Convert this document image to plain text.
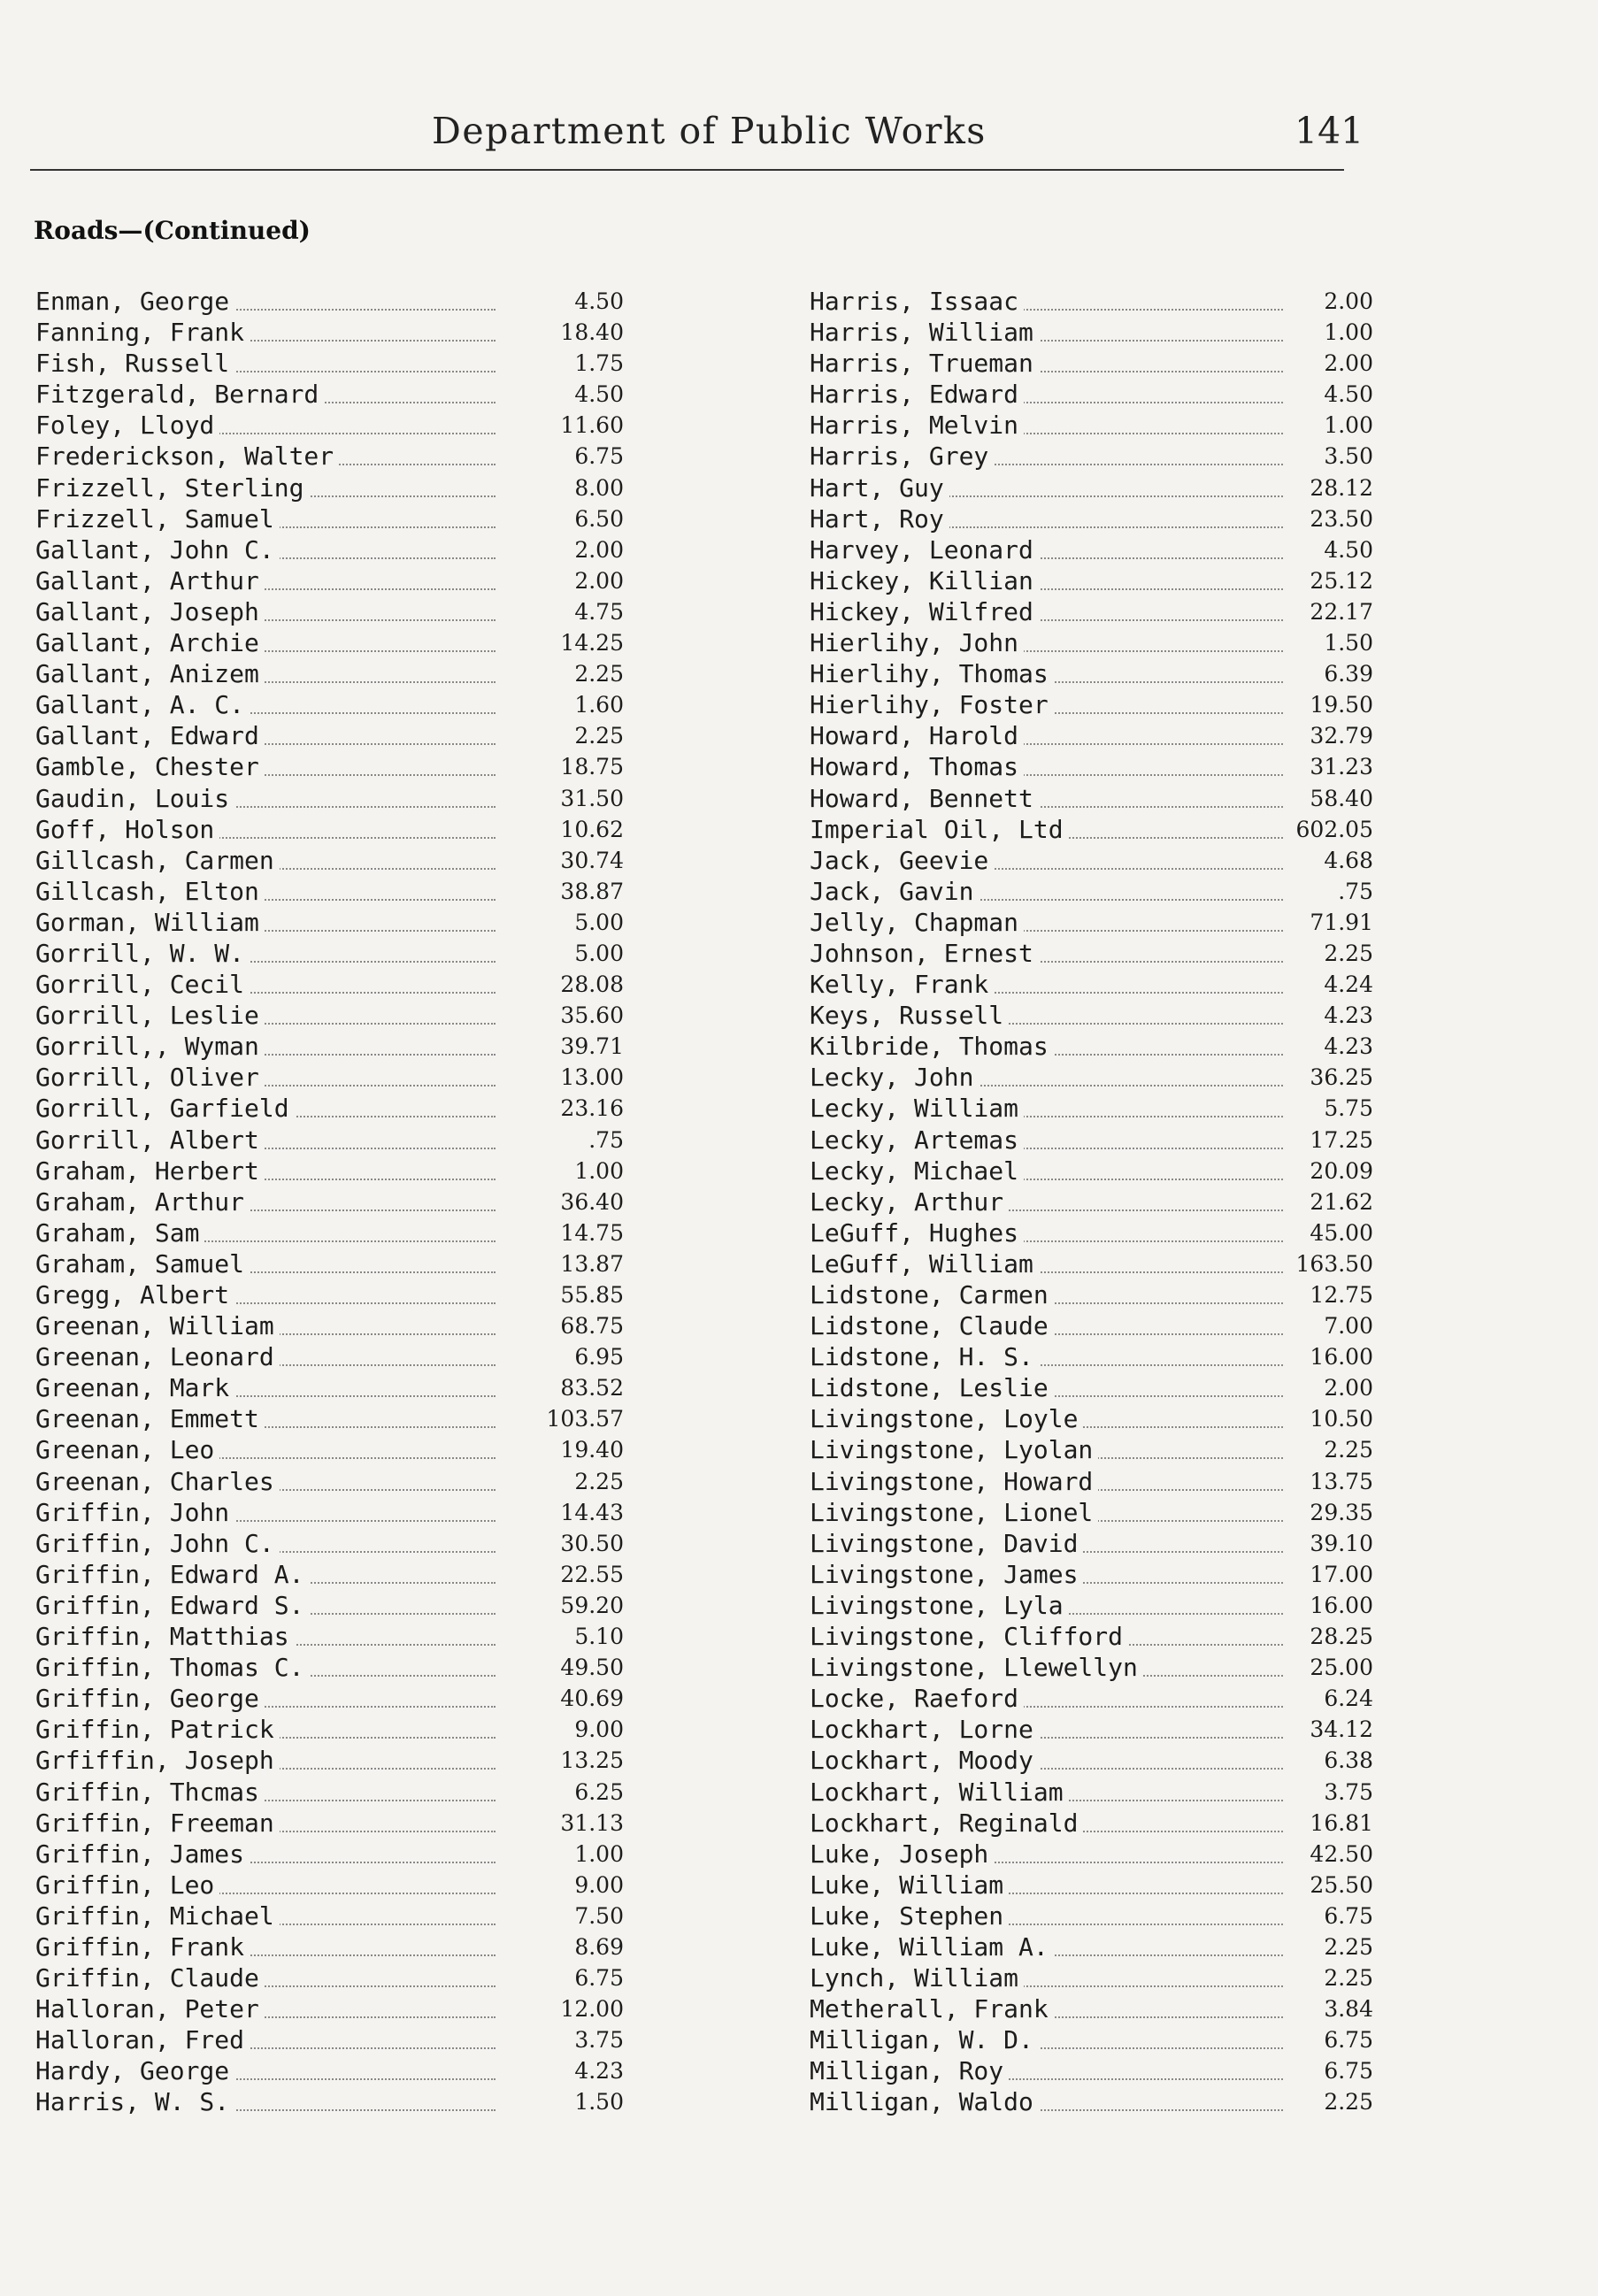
Department of Public Works	141
Roads—(Continued)
Enman, George	4.50
Fanning, Frank	18.40
Fish, Russell	1.75
Fitzgerald, Bernard	4.50
Foley, Lloyd	11.60
Frederickson, Walter	6.75
Frizzell, Sterling	8.00
Frizzell, Samuel	6.50
Gallant, John C.	2.00
Gallant, Arthur	2.00
Gallant, Joseph	4.75
Gallant, Archie	14.25
Gallant, Anizem	2.25
Gallant, A. C.	1.60
Gallant, Edward	2.25
Gamble, Chester	18.75
Gaudin, Louis	31.50
Goff, Holson	10.62
Gillcash, Carmen	30.74
Gillcash, Elton	38.87
Gorman, William	5.00
Gorrill, W. W.	5.00
Gorrill, Cecil	28.08
Gorrill, Leslie	35.60
Gorrill,, Wyman	39.71
Gorrill, Oliver	13.00
Gorrill, Garfield	23.16
Gorrill, Albert	.75
Graham, Herbert	1.00
Graham, Arthur	36.40
Graham, Sam	14.75
Graham, Samuel	13.87
Gregg, Albert	55.85
Greenan, William	68.75
Greenan, Leonard	6.95
Greenan, Mark	83.52
Greenan, Emmett	103.57
Greenan, Leo	19.40
Greenan, Charles	2.25
Griffin, John	14.43
Griffin, John C.	30.50
Griffin, Edward A.	22.55
Griffin, Edward S.	59.20
Griffin, Matthias	5.10
Griffin, Thomas C.	49.50
Griffin, George	40.69
Griffin, Patrick	9.00
Grfiffin, Joseph	13.25
Griffin, Thcmas	6.25
Griffin, Freeman	31.13
Griffin, James	1.00
Griffin, Leo	9.00
Griffin, Michael	7.50
Griffin, Frank	8.69
Griffin, Claude	6.75
Halloran, Peter	12.00
Halloran, Fred	3.75
Hardy, George	4.23
Harris, W. S.	1.50
Harris, Issaac	2.00
Harris, William	1.00
Harris, Trueman	2.00
Harris, Edward	4.50
Harris, Melvin	1.00
Harris, Grey	3.50
Hart, Guy	28.12
Hart, Roy	23.50
Harvey, Leonard	4.50
Hickey, Killian	25.12
Hickey, Wilfred	22.17
Hierlihy, John	1.50
Hierlihy, Thomas	6.39
Hierlihy, Foster	19.50
Howard, Harold	32.79
Howard, Thomas	31.23
Howard, Bennett	58.40
Imperial Oil, Ltd	602.05
Jack, Geevie	4.68
Jack, Gavin	.75
Jelly, Chapman	71.91
Johnson, Ernest	2.25
Kelly, Frank	4.24
Keys, Russell	4.23
Kilbride, Thomas	4.23
Lecky, John	36.25
Lecky, William	5.75
Lecky, Artemas	17.25
Lecky, Michael	20.09
Lecky, Arthur	21.62
LeGuff, Hughes	45.00
LeGuff, William	163.50
Lidstone, Carmen	12.75
Lidstone, Claude	7.00
Lidstone, H. S.	16.00
Lidstone, Leslie	2.00
Livingstone, Loyle	10.50
Livingstone, Lyolan	2.25
Livingstone, Howard	13.75
Livingstone, Lionel	29.35
Livingstone, David	39.10
Livingstone, James	17.00
Livingstone, Lyla	16.00
Livingstone, Clifford	28.25
Livingstone, Llewellyn	25.00
Locke, Raeford	6.24
Lockhart, Lorne	34.12
Lockhart, Moody	6.38
Lockhart, William	3.75
Lockhart, Reginald	16.81
Luke, Joseph	42.50
Luke, William	25.50
Luke, Stephen	6.75
Luke, William A.	2.25
Lynch, William	2.25
Metherall, Frank	3.84
Milligan, W. D.	6.75
Milligan, Roy	6.75
Milligan, Waldo	2.25
